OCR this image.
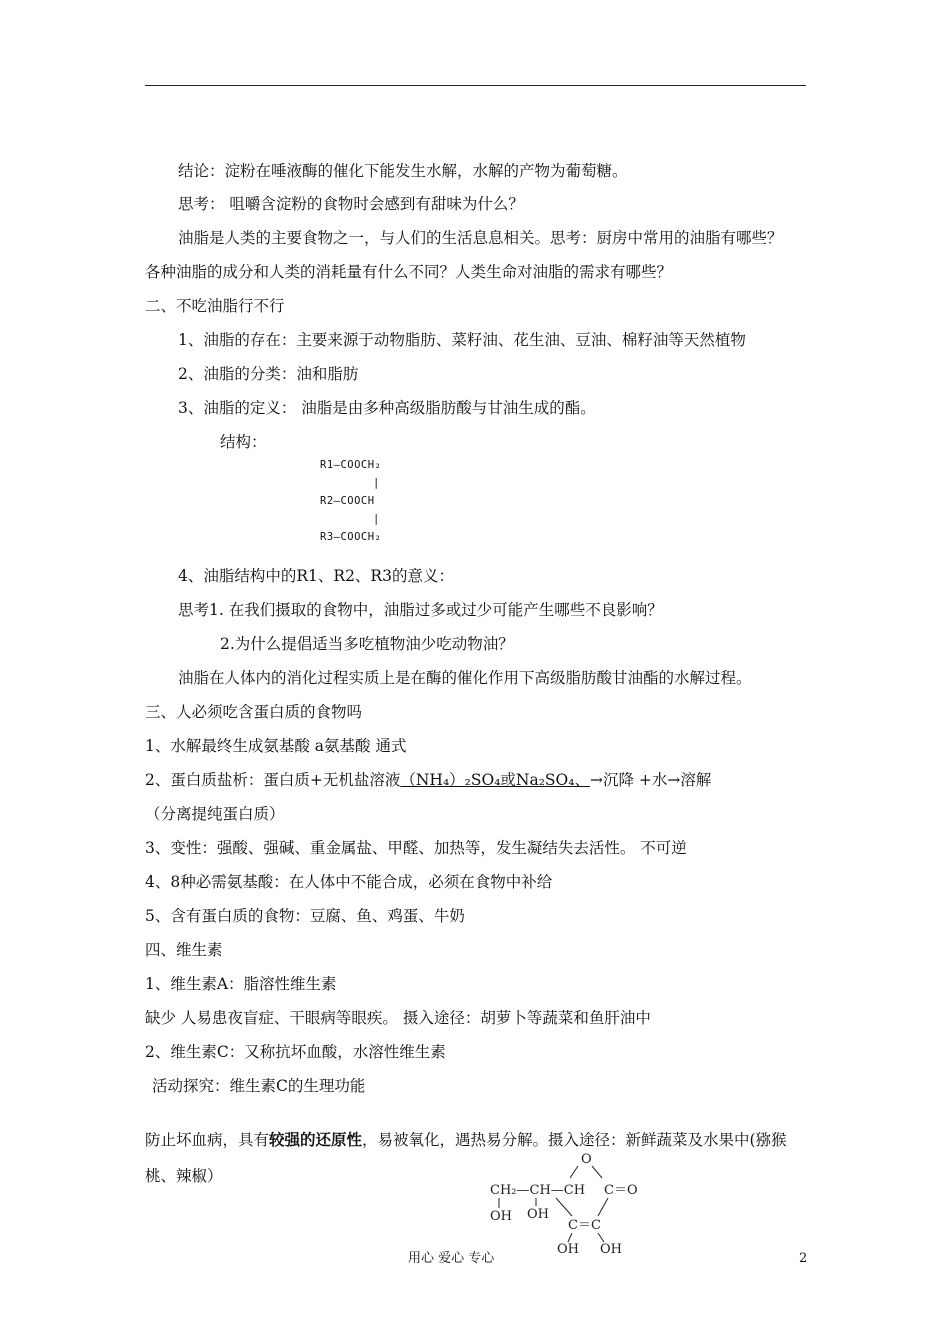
结论：淀粉在唾液酶的催化下能发生水解，水解的产物为葡萄糖。
思考： 咀嚼含淀粉的食物时会感到有甜味为什么？
油脂是人类的主要食物之一，与人们的生活息息相关。思考：厨房中常用的油脂有哪些？
各种油脂的成分和人类的消耗量有什么不同？人类生命对油脂的需求有哪些？
二、不吃油脂行不行
1、油脂的存在：主要来源于动物脂肪、菜籽油、花生油、豆油、棉籽油等天然植物
2、油脂的分类：油和脂肪
3、油脂的定义： 油脂是由多种高级脂肪酸与甘油生成的酯。
结构：
R1—COOCH₂
|
R2—COOCH
|
R3—COOCH₂
4、油脂结构中的R1、R2、R3的意义：
思考1. 在我们摄取的食物中，油脂过多或过少可能产生哪些不良影响？
2.为什么提倡适当多吃植物油少吃动物油？
油脂在人体内的消化过程实质上是在酶的催化作用下高级脂肪酸甘油酯的水解过程。
三、人必须吃含蛋白质的食物吗
1、水解最终生成氨基酸 a氨基酸 通式
2、蛋白质盐析：蛋白质+无机盐溶液（NH₄）₂SO₄或Na₂SO₄、→沉降 +水→溶解
（分离提纯蛋白质）
3、变性：强酸、强碱、重金属盐、甲醛、加热等，发生凝结失去活性。 不可逆
4、8种必需氨基酸：在人体中不能合成，必须在食物中补给
5、含有蛋白质的食物：豆腐、鱼、鸡蛋、牛奶
四、维生素
1、维生素A：脂溶性维生素
缺少 人易患夜盲症、干眼病等眼疾。 摄入途径：胡萝卜等蔬菜和鱼肝油中
2、维生素C：又称抗坏血酸，水溶性维生素
活动探究：维生素C的生理功能
防止坏血病，具有较强的还原性，易被氧化，遇热易分解。摄入途径：新鲜蔬菜及水果中(猕猴
桃、辣椒）
O
CH₂—CH—CH C＝O
OH OH
C＝C
OH OH
用心 爱心 专心	2
